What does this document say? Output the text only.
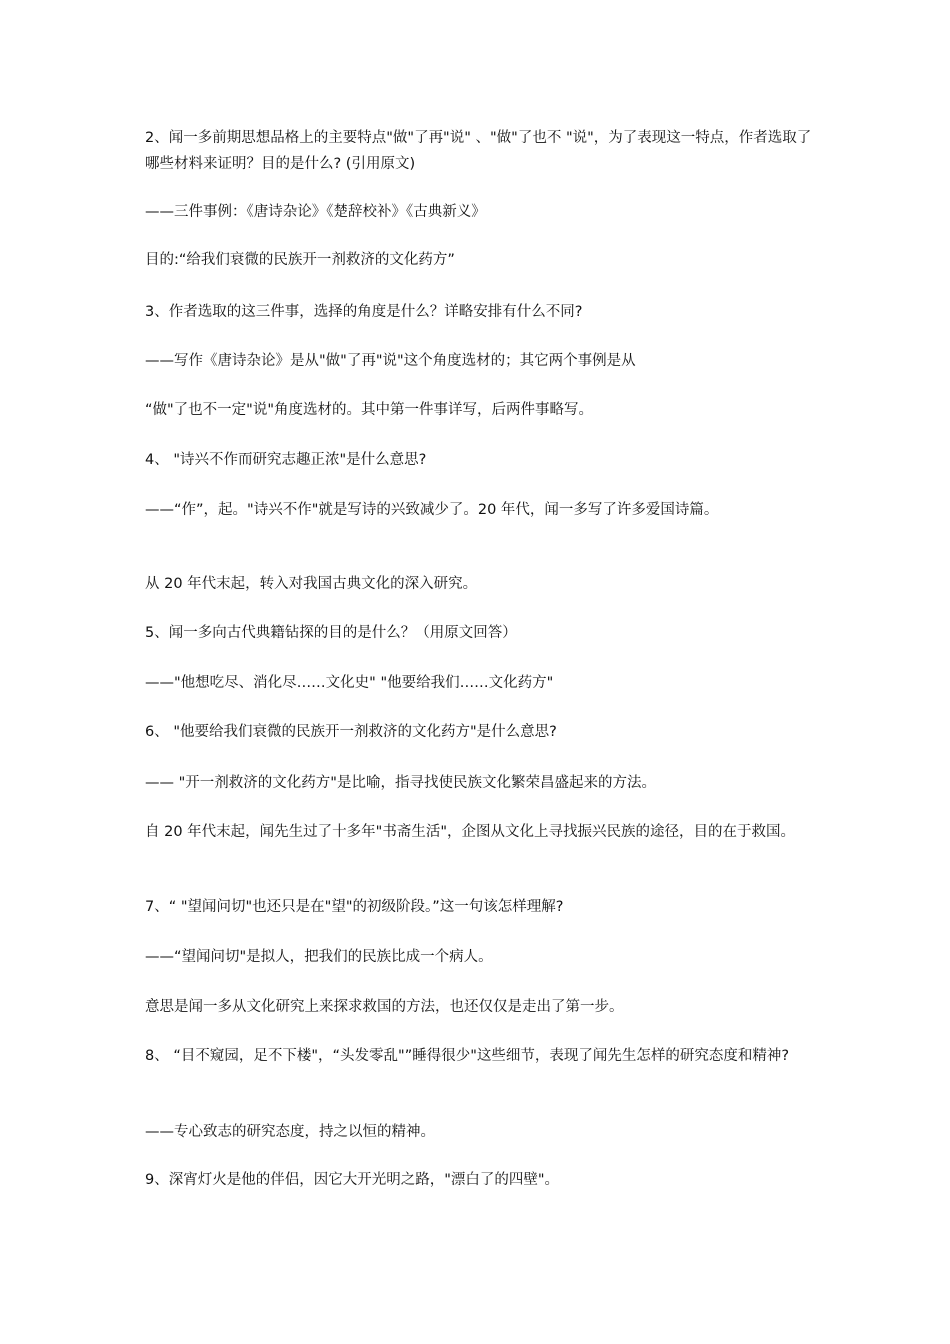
2、闻一多前期思想品格上的主要特点"做"了再"说" 、"做"了也不 "说"，为了表现这一特点，作者选取了哪些材料来证明？目的是什么? (引用原文)
——三件事例：《唐诗杂论》《楚辞校补》《古典新义》
目的:“给我们衰微的民族开一剂救济的文化药方”
3、作者选取的这三件事，选择的角度是什么？详略安排有什么不同?
——写作《唐诗杂论》是从"做"了再"说"这个角度选材的；其它两个事例是从
“做"了也不一定"说"角度选材的。其中第一件事详写，后两件事略写。
4、 "诗兴不作而研究志趣正浓"是什么意思?
——“作”，起。"诗兴不作"就是写诗的兴致减少了。20 年代，闻一多写了许多爱国诗篇。
从 20 年代末起，转入对我国古典文化的深入研究。
5、闻一多向古代典籍钻探的目的是什么？（用原文回答）
——"他想吃尽、消化尽……文化史" "他要给我们……文化药方"
6、 "他要给我们衰微的民族开一剂救济的文化药方"是什么意思?
—— "开一剂救济的文化药方"是比喻，指寻找使民族文化繁荣昌盛起来的方法。
自 20 年代末起，闻先生过了十多年"书斋生活"，企图从文化上寻找振兴民族的途径，目的在于救国。
7、“ "望闻问切"也还只是在"望"的初级阶段。”这一句该怎样理解?
——“望闻问切"是拟人，把我们的民族比成一个病人。
意思是闻一多从文化研究上来探求救国的方法，也还仅仅是走出了第一步。
8、 “目不窥园，足不下楼"，“头发零乱"”睡得很少"这些细节，表现了闻先生怎样的研究态度和精神?
——专心致志的研究态度，持之以恒的精神。
9、深宵灯火是他的伴侣，因它大开光明之路，"漂白了的四壁"。
